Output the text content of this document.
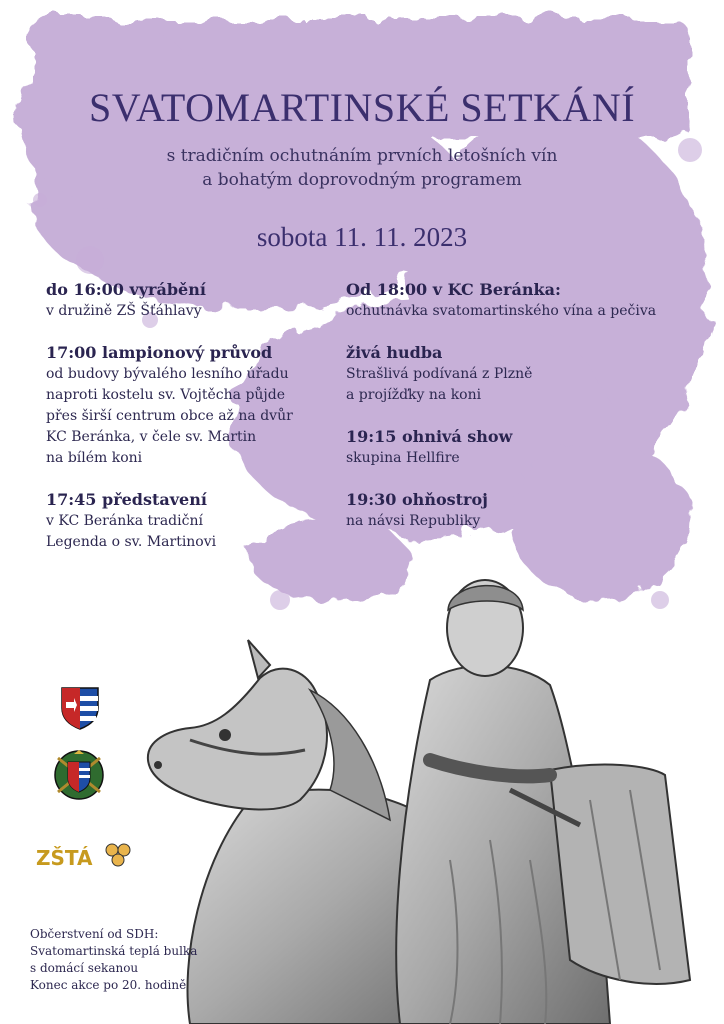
SVATOMARTINSKÉ SETKÁNÍ
s tradičním ochutnáním prvních letošních vín
a bohatým doprovodným programem
sobota 11. 11. 2023
do 16:00 vyrábění
v družině ZŠ Šťáhlavy
17:00 lampionový průvod
od budovy bývalého lesního úřadu
naproti kostelu sv. Vojtěcha půjde
přes širší centrum obce až na dvůr
KC Beránka, v čele sv. Martin
na bílém koni
17:45 představení
v KC Beránka tradiční
Legenda o sv. Martinovi
Od 18:00 v KC Beránka:
ochutnávka svatomartinského vína a pečiva
živá hudba
Strašlivá podívaná z Plzně
a projížďky na koni
19:15 ohnivá show
skupina Hellfire
19:30 ohňostroj
na návsi Republiky
ZŠTÁ
Občerstvení od SDH:
Svatomartinská teplá bulka
s domácí sekanou
Konec akce po 20. hodině
